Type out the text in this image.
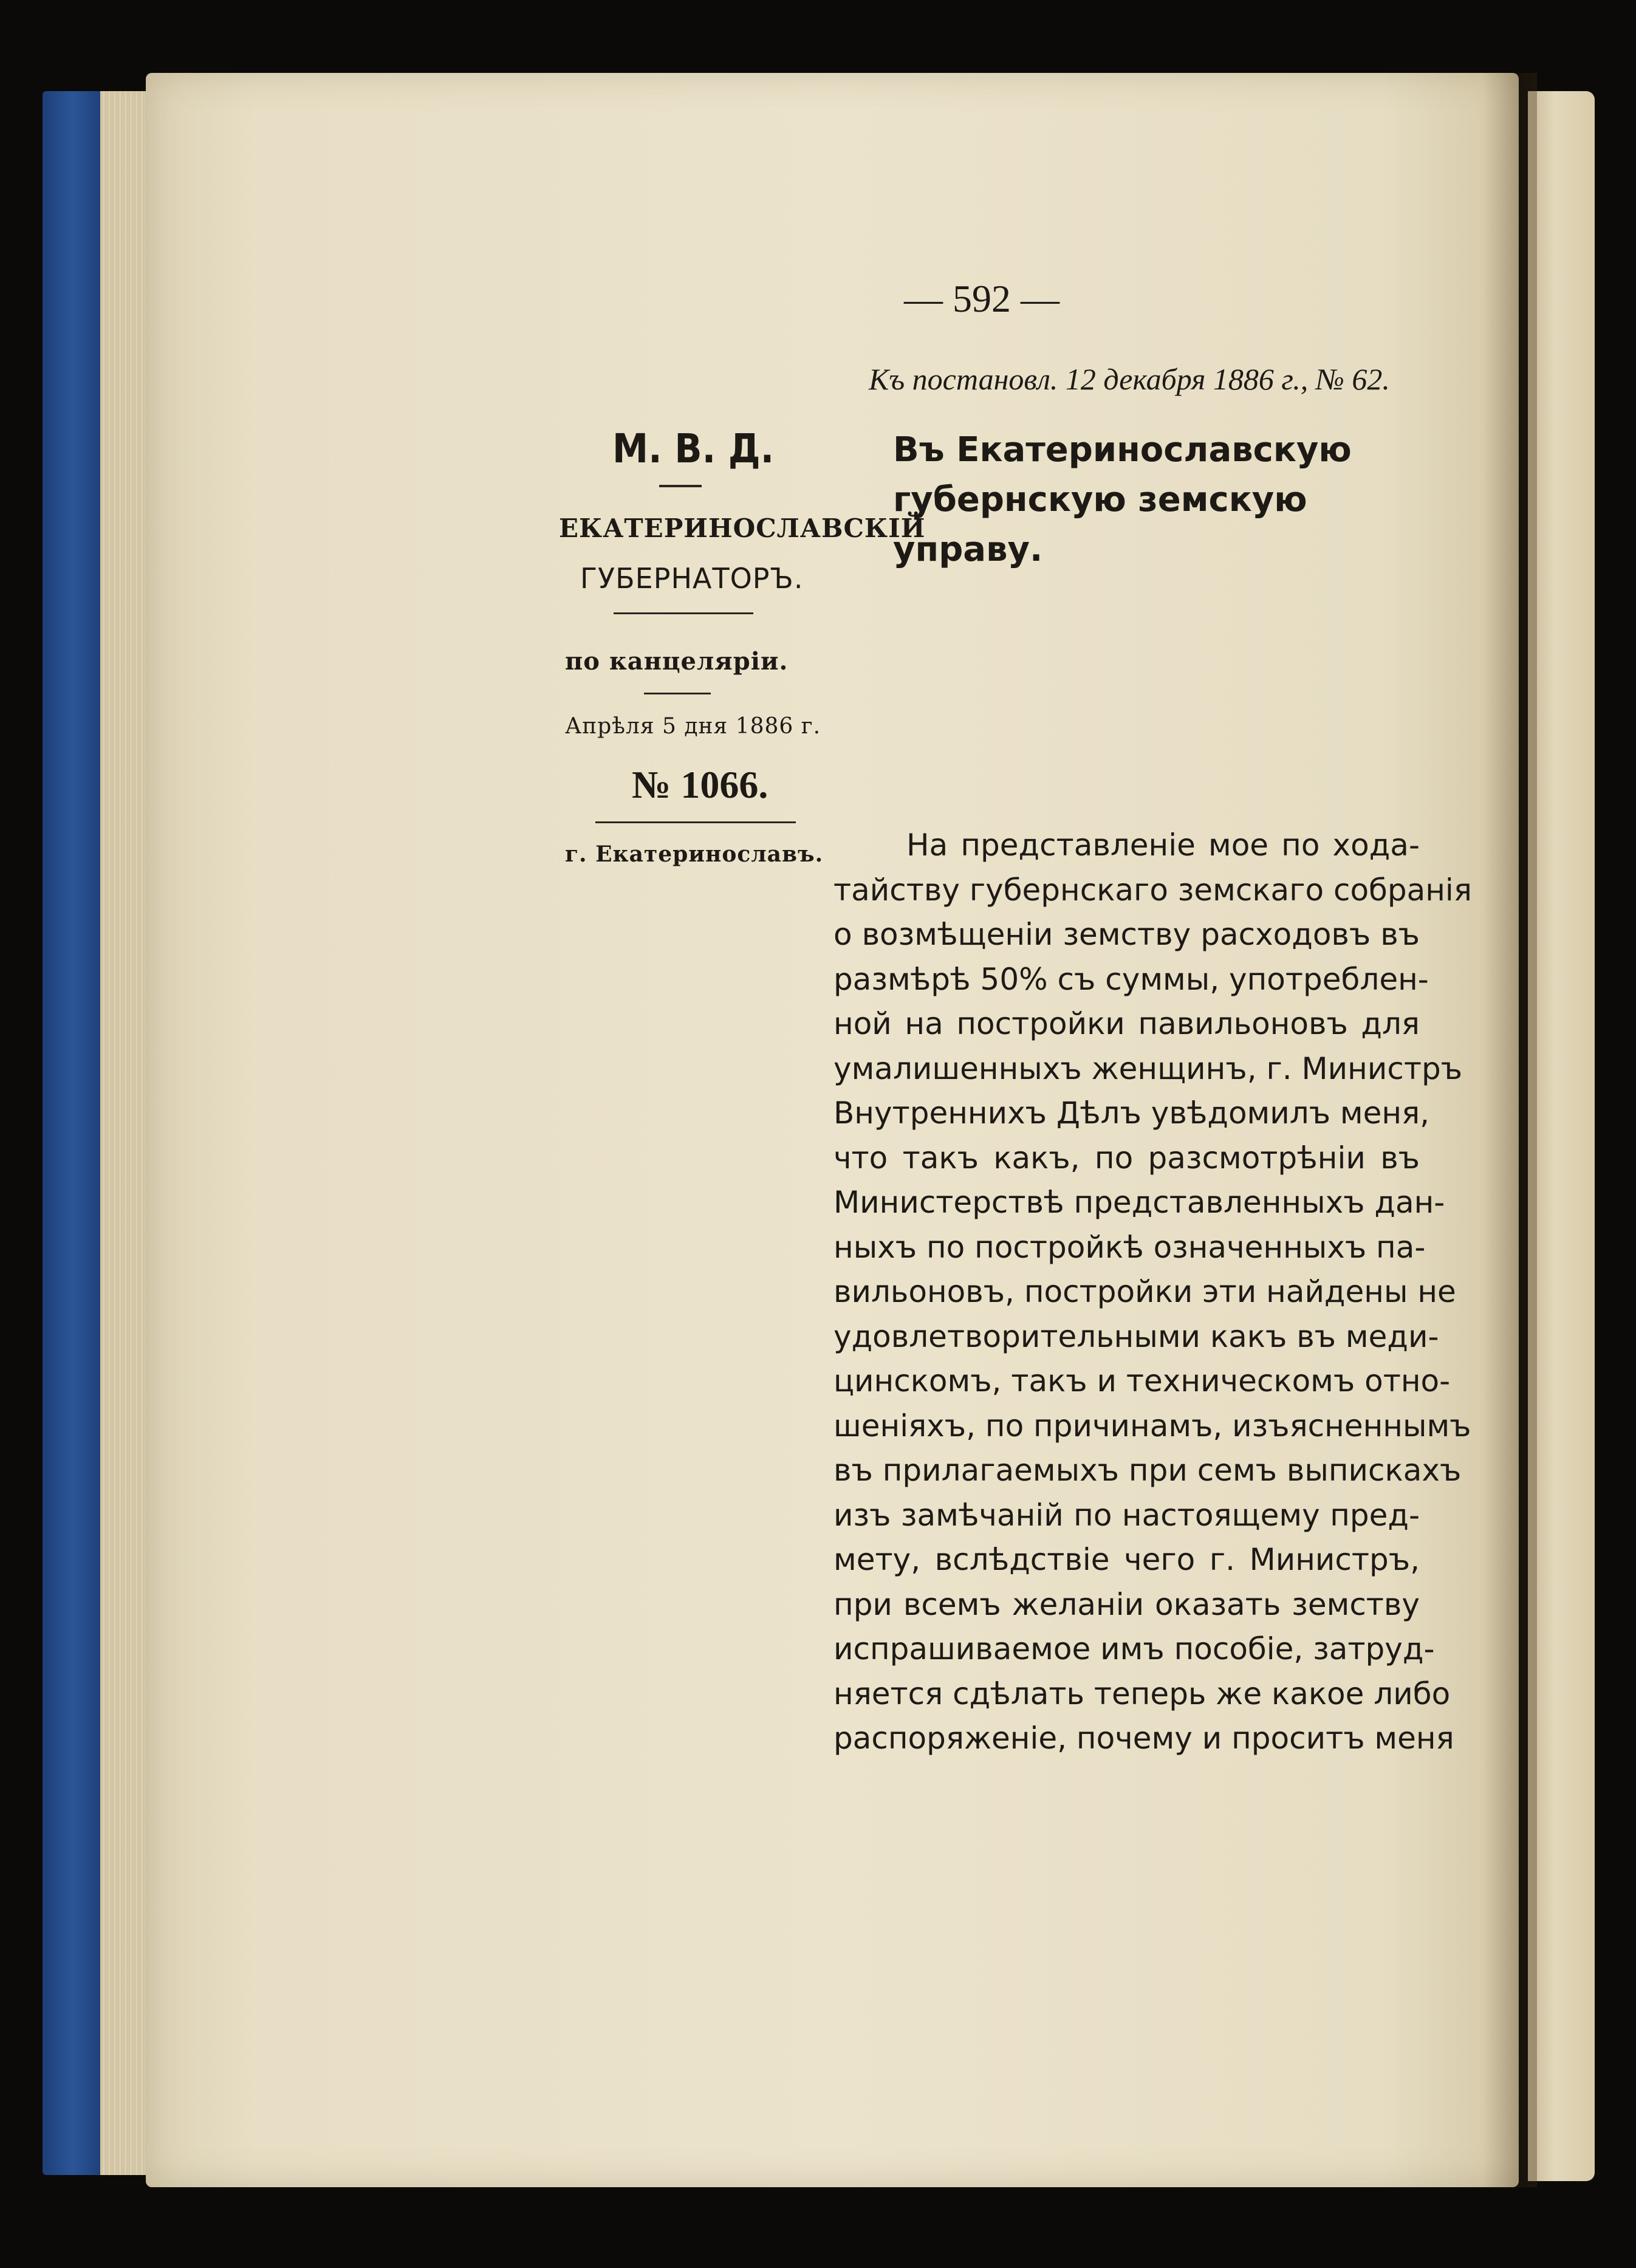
— 592 —
Къ постановл. 12 декабря 1886 г., № 62.
М. В. Д.
ЕКАТЕРИНОСЛАВСКІЙ
ГУБЕРНАТОРЪ.
по канцеляріи.
Апрѣля 5 дня 1886 г.
№ 1066.
г. Екатеринославъ.
Въ Екатеринославскую губернскую земскую управу.
На представленіе мое по хода-
тайству губернскаго земскаго собранія
о возмѣщеніи земству расходовъ въ
размѣрѣ 50% съ суммы, употреблен-
ной на постройки павильоновъ для
умалишенныхъ женщинъ, г. Министръ
Внутреннихъ Дѣлъ увѣдомилъ меня,
что такъ какъ, по разсмотрѣніи въ
Министерствѣ представленныхъ дан-
ныхъ по постройкѣ означенныхъ па-
вильоновъ, постройки эти найдены не
удовлетворительными какъ въ меди-
цинскомъ, такъ и техническомъ отно-
шеніяхъ, по причинамъ, изъясненнымъ
въ прилагаемыхъ при семъ выпискахъ
изъ замѣчаній по настоящему пред-
мету, вслѣдствіе чего г. Министръ,
при всемъ желаніи оказать земству
испрашиваемое имъ пособіе, затруд-
няется сдѣлать теперь же какое либо
распоряженіе, почему и проситъ меня
